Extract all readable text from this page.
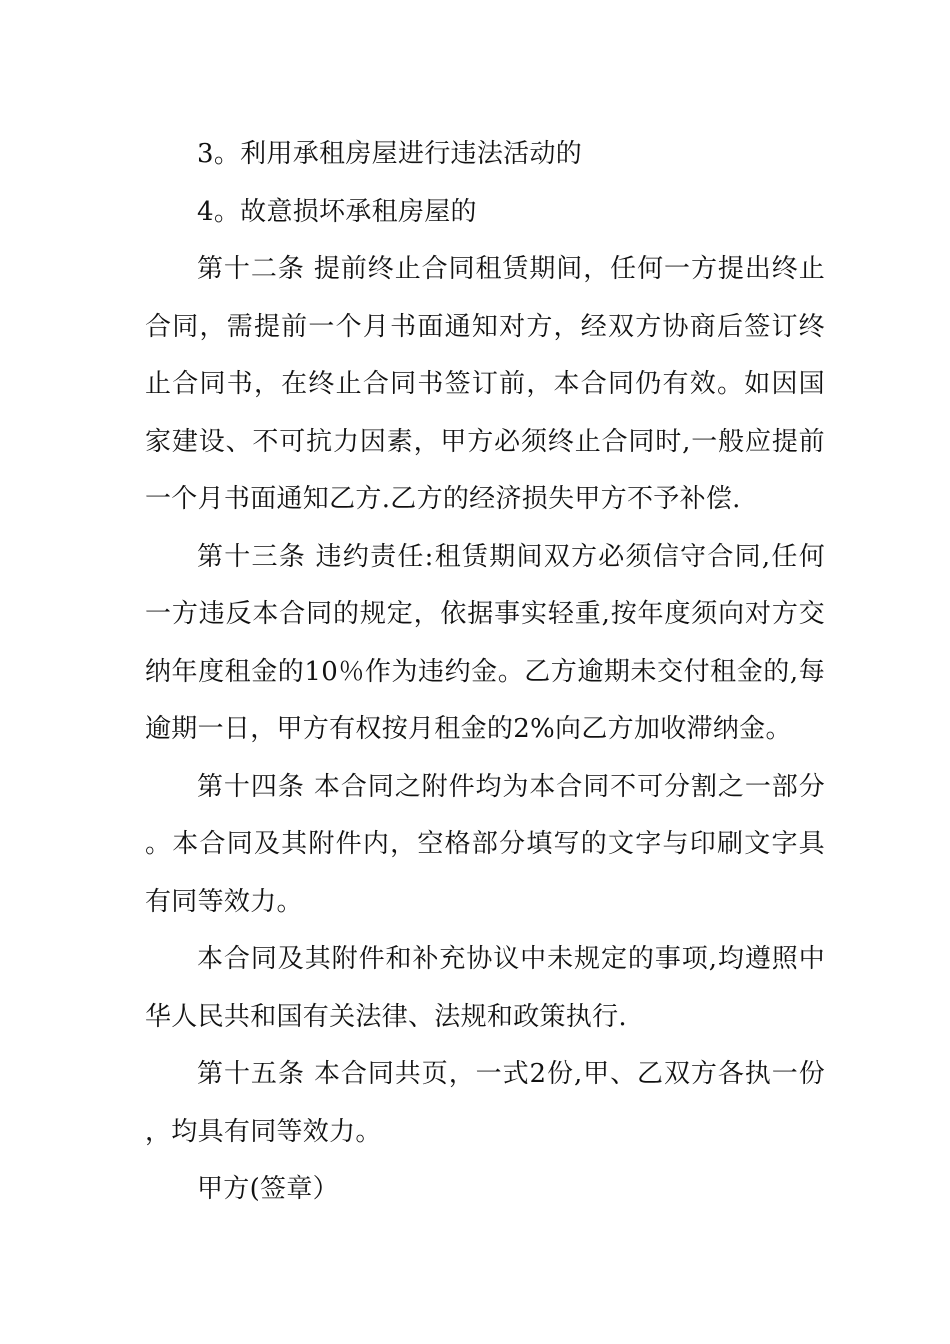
3。利用承租房屋进行违法活动的

4。故意损坏承租房屋的

第十二条 提前终止合同租赁期间，任何一方提出终止合同，需提前一个月书面通知对方，经双方协商后签订终止合同书，在终止合同书签订前，本合同仍有效。如因国家建设、不可抗力因素，甲方必须终止合同时,一般应提前一个月书面通知乙方.乙方的经济损失甲方不予补偿.

第十三条 违约责任:租赁期间双方必须信守合同,任何一方违反本合同的规定，依据事实轻重,按年度须向对方交纳年度租金的10％作为违约金。乙方逾期未交付租金的,每逾期一日，甲方有权按月租金的2%向乙方加收滞纳金。

第十四条 本合同之附件均为本合同不可分割之一部分。本合同及其附件内，空格部分填写的文字与印刷文字具有同等效力。

本合同及其附件和补充协议中未规定的事项,均遵照中华人民共和国有关法律、法规和政策执行.

第十五条 本合同共页，一式2份,甲、乙双方各执一份，均具有同等效力。

甲方(签章）
